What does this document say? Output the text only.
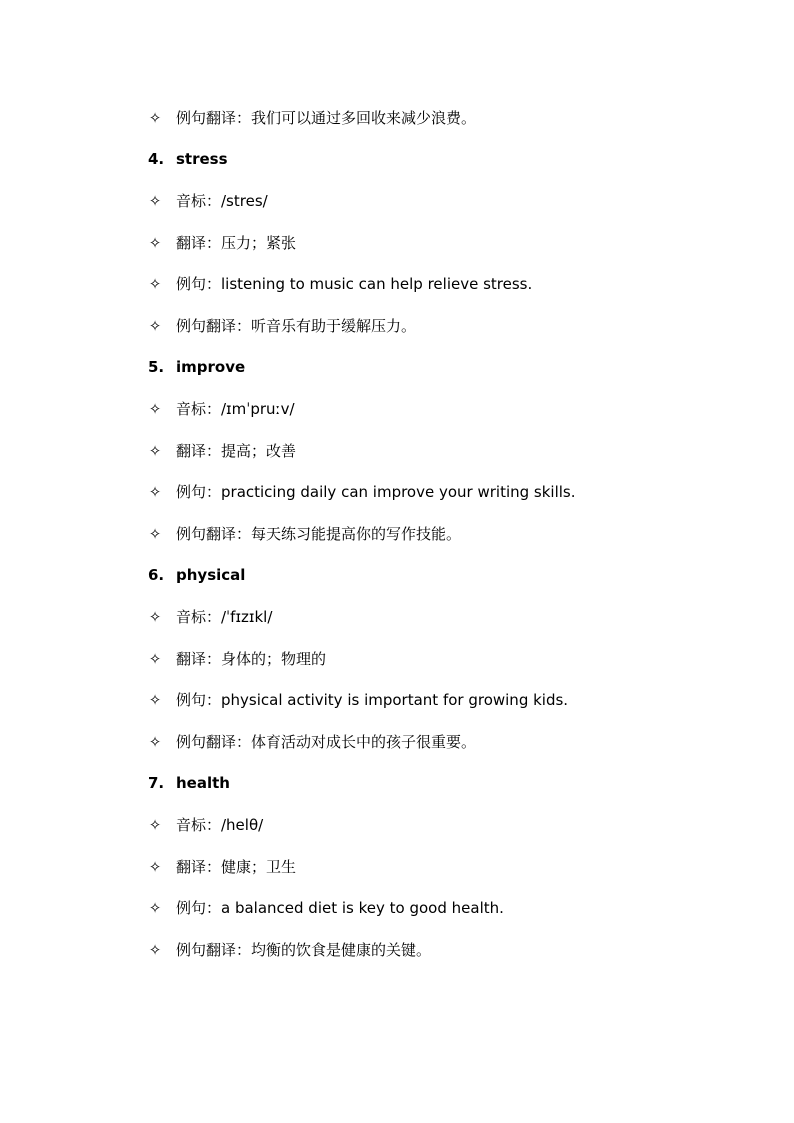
✧ 例句翻译：我们可以通过多回收来减少浪费。
4. stress
✧ 音标：/stres/
✧ 翻译：压力；紧张
✧ 例句：listening to music can help relieve stress.
✧ 例句翻译：听音乐有助于缓解压力。
5. improve
✧ 音标：/ɪmˈpruːv/
✧ 翻译：提高；改善
✧ 例句：practicing daily can improve your writing skills.
✧ 例句翻译：每天练习能提高你的写作技能。
6. physical
✧ 音标：/ˈfɪzɪkl/
✧ 翻译：身体的；物理的
✧ 例句：physical activity is important for growing kids.
✧ 例句翻译：体育活动对成长中的孩子很重要。
7. health
✧ 音标：/helθ/
✧ 翻译：健康；卫生
✧ 例句：a balanced diet is key to good health.
✧ 例句翻译：均衡的饮食是健康的关键。
